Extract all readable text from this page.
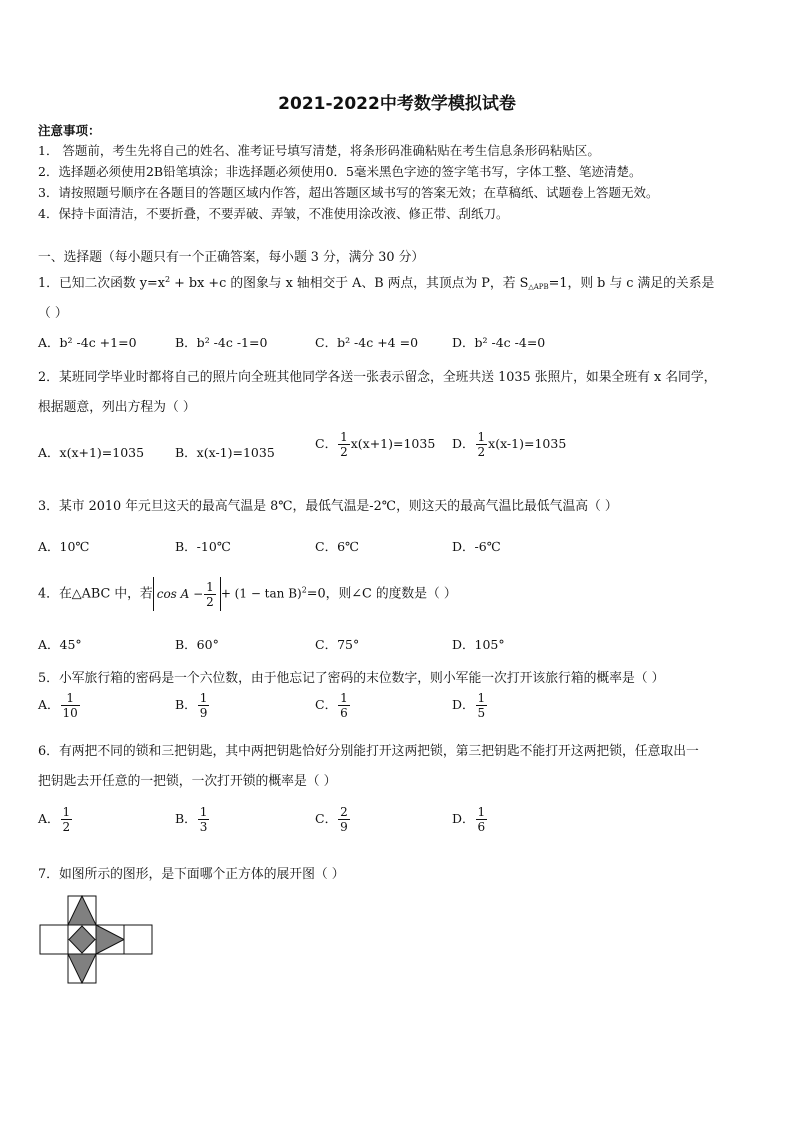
2021-2022中考数学模拟试卷
注意事项：
1． 答题前，考生先将自己的姓名、准考证号填写清楚，将条形码准确粘贴在考生信息条形码粘贴区。
2．选择题必须使用2B铅笔填涂；非选择题必须使用0．5毫米黑色字迹的签字笔书写，字体工整、笔迹清楚。
3．请按照题号顺序在各题目的答题区域内作答，超出答题区域书写的答案无效；在草稿纸、试题卷上答题无效。
4．保持卡面清洁，不要折叠，不要弄破、弄皱，不准使用涂改液、修正带、刮纸刀。
一、选择题（每小题只有一个正确答案，每小题 3 分，满分 30 分）
1．已知二次函数 $y=x^2$ + bx +c 的图象与 x 轴相交于 A、B 两点，其顶点为 P，若 $S_{\triangle APB}=1$，则 b 与 c 满足的关系是
（ ）
A．b² -4c +1=0	B．b² -4c -1=0	C．b² -4c +4 =0	D．b² -4c -4=0
2．某班同学毕业时都将自己的照片向全班其他同学各送一张表示留念，全班共送 1035 张照片，如果全班有 x 名同学，
根据题意，列出方程为（ ）
A．x(x+1)=1035 B．x(x-1)=1035
C． $\frac{1}{2} x(x+1)=1035$ D． $\frac{1}{2} x(x-1)=1035$
3．某市 2010 年元旦这天的最高气温是 8℃，最低气温是-2℃，则这天的最高气温比最低气温高（ ）
A．10℃	B．-10℃	C．6℃	D．-6℃
4．在△ABC 中，若 $\cos A - \frac{1}{2} + (1 - \tan B)^2=0$，则∠C 的度数是（ ）
A．45°	B．60°	C．75°	D．105°
5．小军旅行箱的密码是一个六位数，由于他忘记了密码的末位数字，则小军能一次打开该旅行箱的概率是（ ）
A． $\frac{1}{10}$	B． $\frac{1}{9}$	C． $\frac{1}{6}$	D． $\frac{1}{5}$
6．有两把不同的锁和三把钥匙，其中两把钥匙恰好分别能打开这两把锁，第三把钥匙不能打开这两把锁，任意取出一
把钥匙去开任意的一把锁，一次打开锁的概率是（ ）
A． $\frac{1}{2}$	B． $\frac{1}{3}$	C． $\frac{2}{9}$	D． $\frac{1}{6}$
7．如图所示的图形，是下面哪个正方体的展开图（ ）
